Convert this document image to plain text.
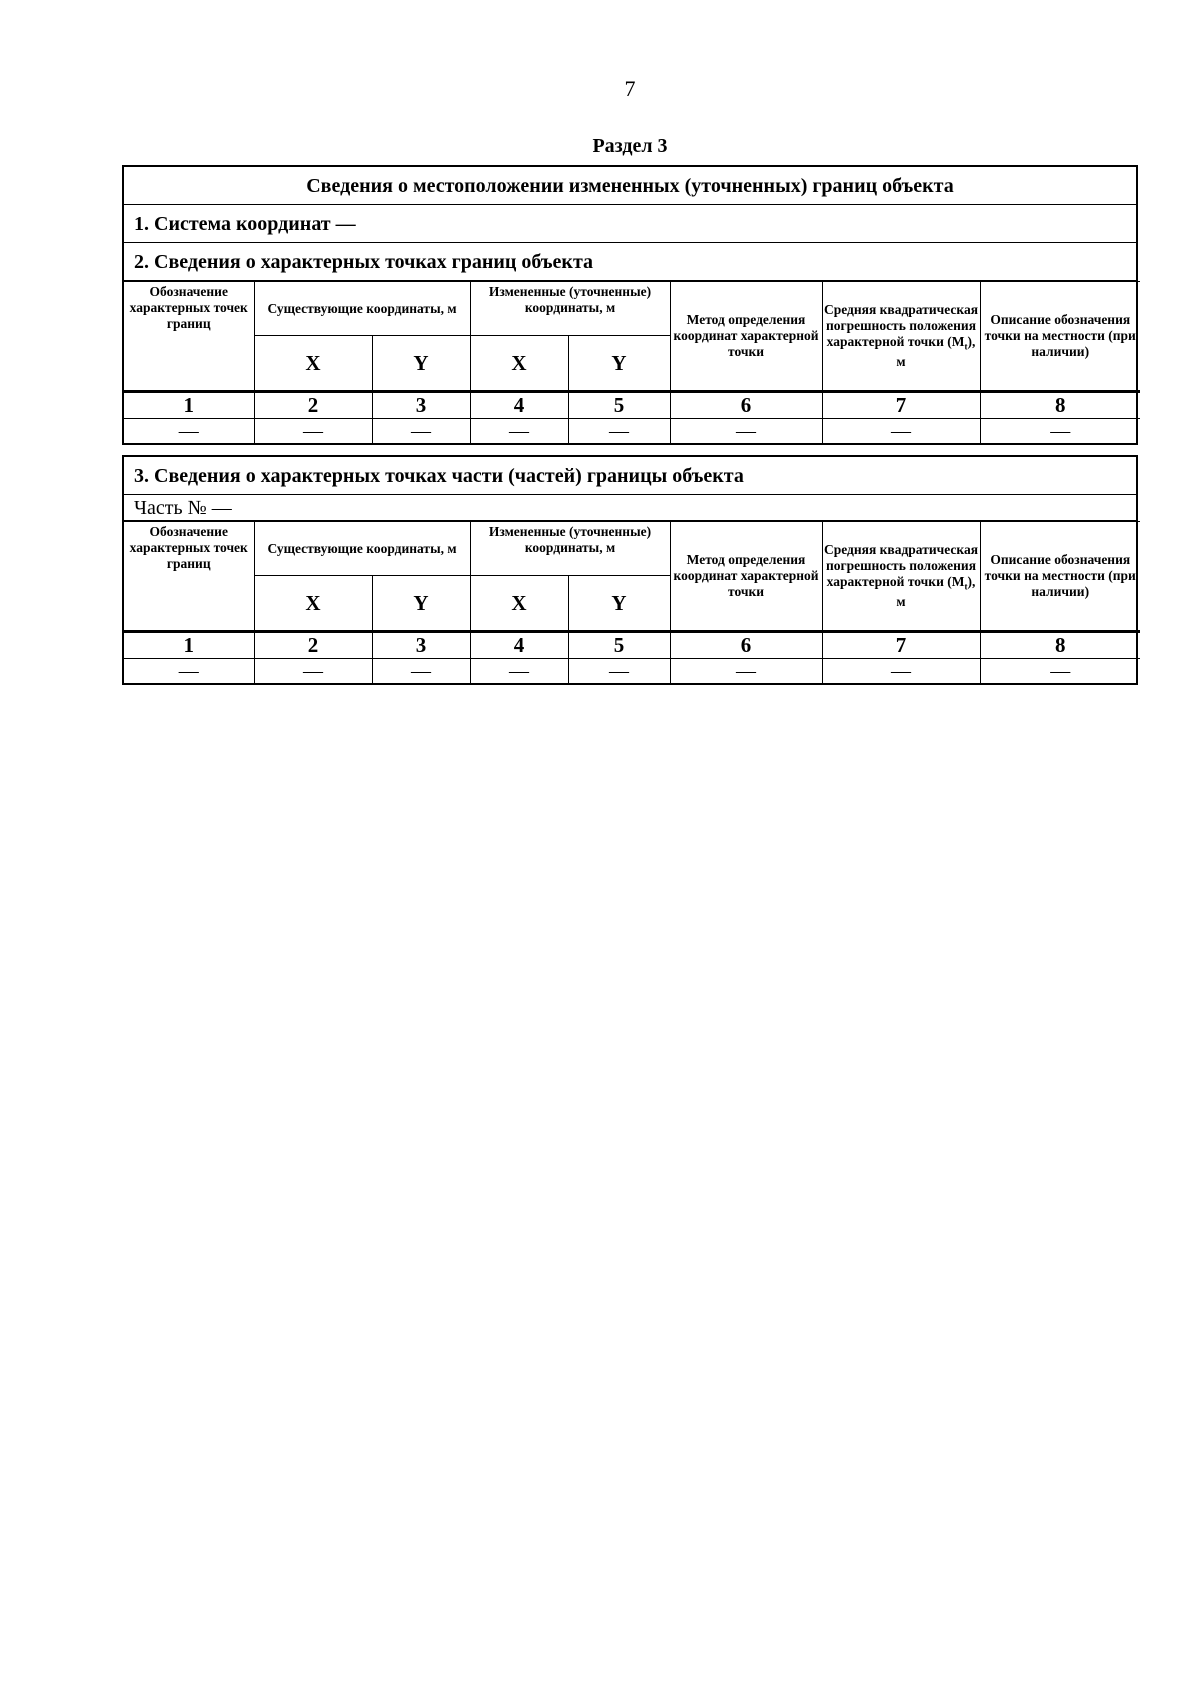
7
Раздел 3
Сведения о местоположении измененных (уточненных) границ объекта
1. Система координат —
2. Сведения о характерных точках границ объекта
Обозначение характерных точек границ	Существующие координаты, м		Измененные (уточненные) координаты, м		Метод определения координат характерной точки	Средняя квадратическая погрешность положения характерной точки $(M_t)$, м	Описание обозначения точки на местности (при наличии)
	X	Y	X	Y			
1	2	3	4	5	6	7	8
—	—	—	—	—	—	—	—
3. Сведения о характерных точках части (частей) границы объекта
Часть № —
Обозначение характерных точек границ	Существующие координаты, м		Измененные (уточненные) координаты, м		Метод определения координат характерной точки	Средняя квадратическая погрешность положения характерной точки $(M_t)$, м	Описание обозначения точки на местности (при наличии)
	X	Y	X	Y			
1	2	3	4	5	6	7	8
—	—	—	—	—	—	—	—
